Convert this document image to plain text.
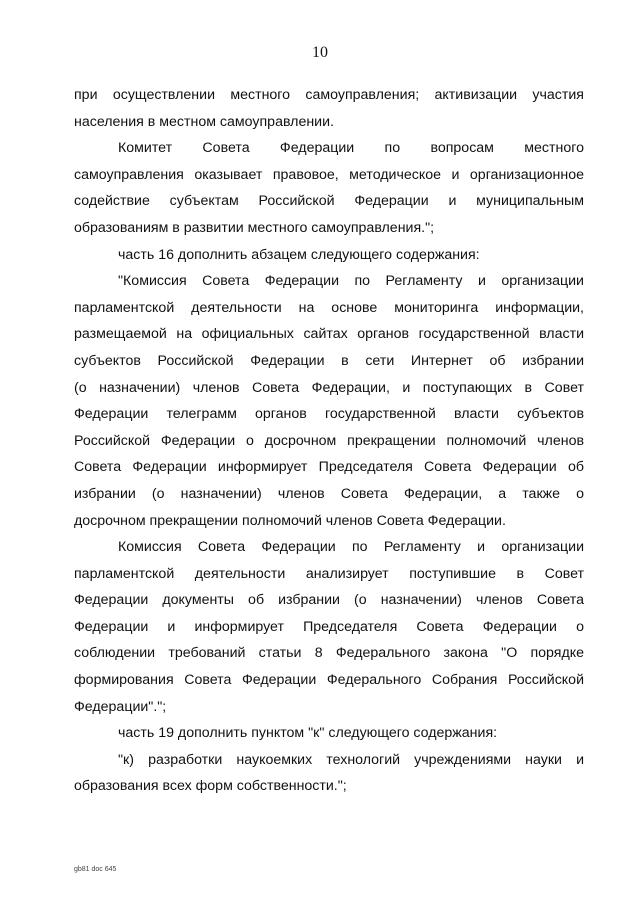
10

при осуществлении местного самоуправления; активизации участия
населения в местном самоуправлении.

Комитет Совета Федерации по вопросам местного
самоуправления оказывает правовое, методическое и организационное
содействие субъектам Российской Федерации и муниципальным
образованиям в развитии местного самоуправления.";

часть 16 дополнить абзацем следующего содержания:

"Комиссия Совета Федерации по Регламенту и организации
парламентской деятельности на основе мониторинга информации,
размещаемой на официальных сайтах органов государственной власти
субъектов Российской Федерации в сети Интернет об избрании
(о назначении) членов Совета Федерации, и поступающих в Совет
Федерации телеграмм органов государственной власти субъектов
Российской Федерации о досрочном прекращении полномочий членов
Совета Федерации информирует Председателя Совета Федерации об
избрании (о назначении) членов Совета Федерации, а также о
досрочном прекращении полномочий членов Совета Федерации.

Комиссия Совета Федерации по Регламенту и организации
парламентской деятельности анализирует поступившие в Совет
Федерации документы об избрании (о назначении) членов Совета
Федерации и информирует Председателя Совета Федерации о
соблюдении требований статьи 8 Федерального закона "О порядке
формирования Совета Федерации Федерального Собрания Российской
Федерации".";

часть 19 дополнить пунктом "к" следующего содержания:

"к) разработки наукоемких технологий учреждениями науки и
образования всех форм собственности.";

gb81 doc 645
